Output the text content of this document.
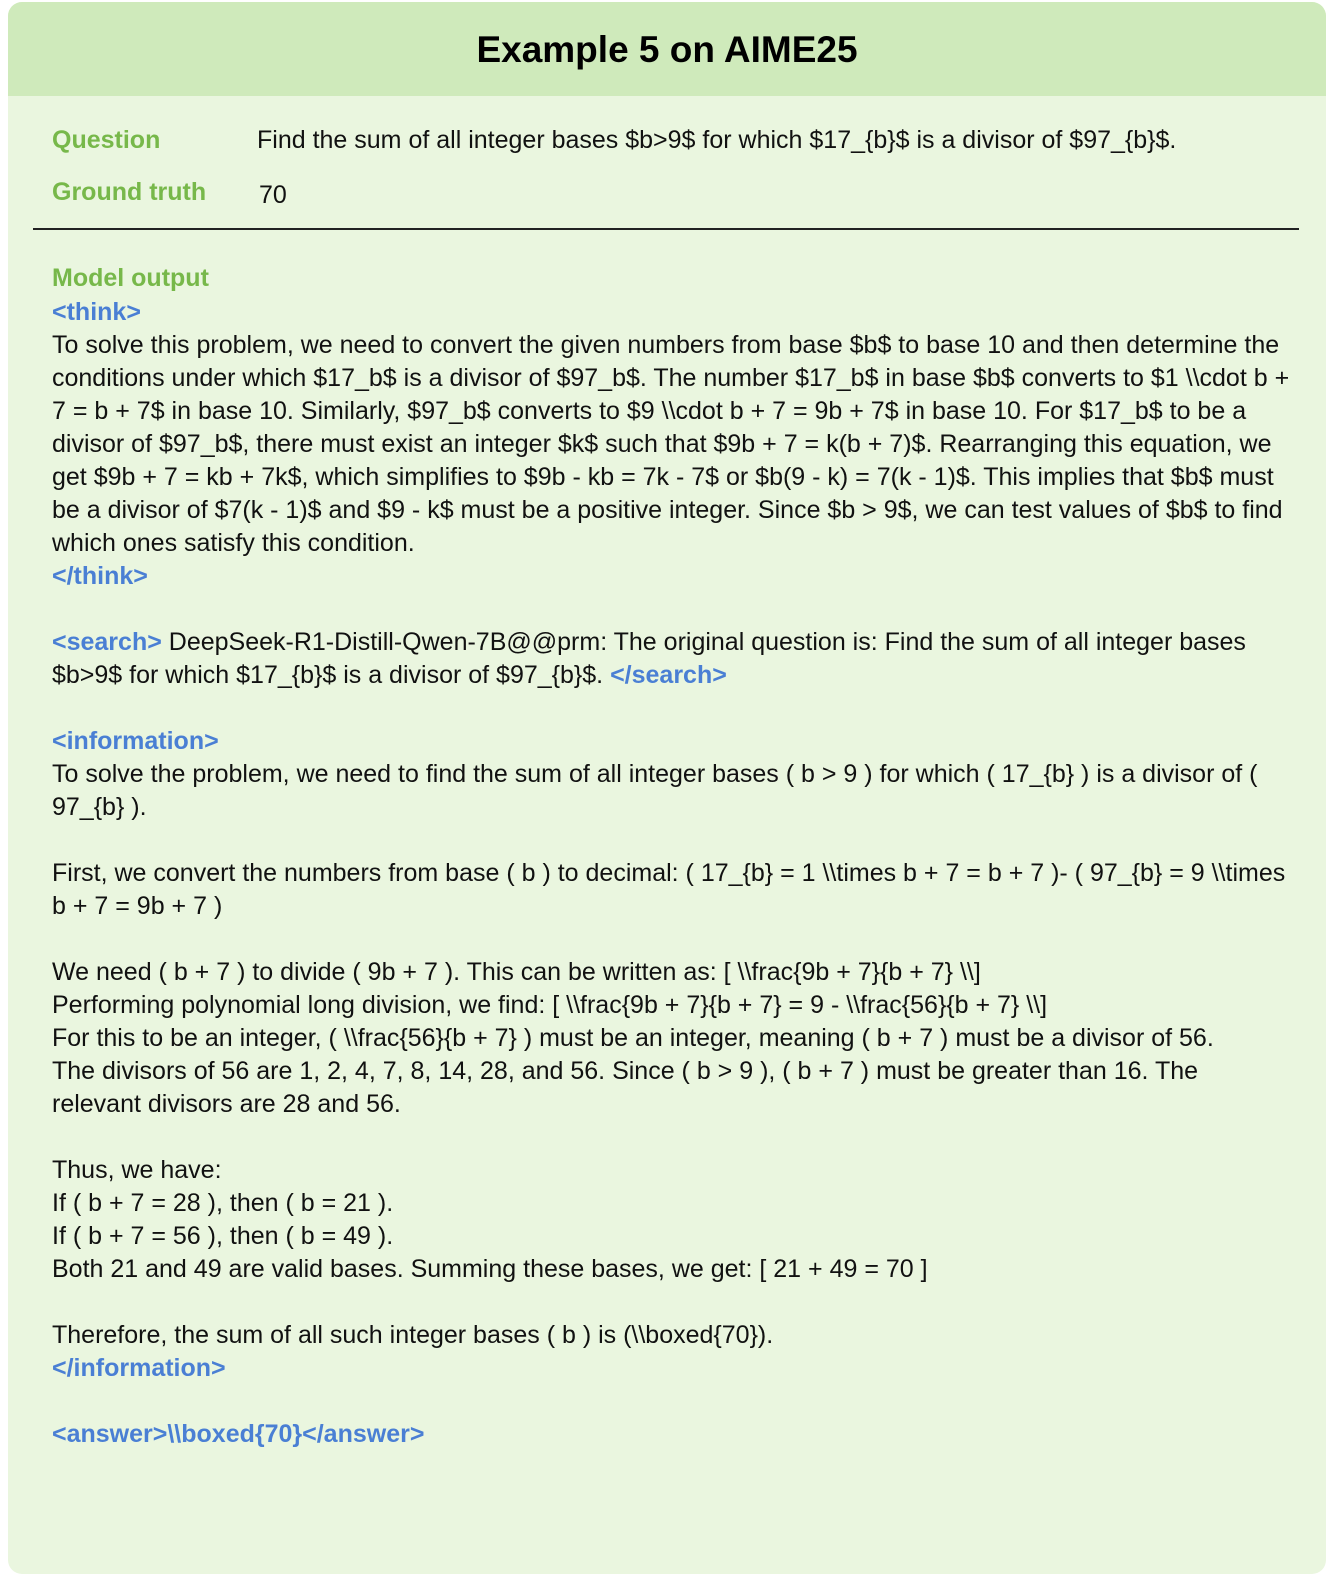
Example 5 on AIME25
Question	Find the sum of all integer bases $b>9$ for which $17_{b}$ is a divisor of $97_{b}$.
Ground truth 70
Model output
<think>

To solve this problem, we need to convert the given numbers from base $b$ to base 10 and then determine the conditions under which $17_b$ is a divisor of $97_b$. The number $17_b$ in base $b$ converts to $1 \\cdot b + 7 = b + 7$ in base 10. Similarly, $97_b$ converts to $9 \\cdot b + 7 = 9b + 7$ in base 10. For $17_b$ to be a divisor of $97_b$, there must exist an integer $k$ such that $9b + 7 = k(b + 7)$. Rearranging this equation, we get $9b + 7 = kb + 7k$, which simplifies to $9b - kb = 7k - 7$ or $b(9 - k) = 7(k - 1)$. This implies that $b$ must be a divisor of $7(k - 1)$ and $9 - k$ must be a positive integer. Since $b > 9$, we can test values of $b$ to find which ones satisfy this condition.

</think>

<search> DeepSeek-R1-Distill-Qwen-7B@@prm: The original question is: Find the sum of all integer bases $b>9$ for which $17_{b}$ is a divisor of $97_{b}$. </search>

<information>

To solve the problem, we need to find the sum of all integer bases ( b > 9 ) for which ( 17_{b} ) is a divisor of ( 97_{b} ).

First, we convert the numbers from base ( b ) to decimal: ( 17_{b} = 1 \\times b + 7 = b + 7 )- ( 97_{b} = 9 \\times b + 7 = 9b + 7 )

We need ( b + 7 ) to divide ( 9b + 7 ). This can be written as: [ \\frac{9b + 7}{b + 7} \\]

Performing polynomial long division, we find: [ \\frac{9b + 7}{b + 7} = 9 - \\frac{56}{b + 7} \\]

For this to be an integer, ( \\frac{56}{b + 7} ) must be an integer, meaning ( b + 7 ) must be a divisor of 56.

The divisors of 56 are 1, 2, 4, 7, 8, 14, 28, and 56. Since ( b > 9 ), ( b + 7 ) must be greater than 16. The relevant divisors are 28 and 56.

Thus, we have:

If ( b + 7 = 28 ), then ( b = 21 ).

If ( b + 7 = 56 ), then ( b = 49 ).

Both 21 and 49 are valid bases. Summing these bases, we get: [ 21 + 49 = 70 ]

Therefore, the sum of all such integer bases ( b ) is (\\boxed{70}).

</information>
<answer>\\boxed{70}</answer>
